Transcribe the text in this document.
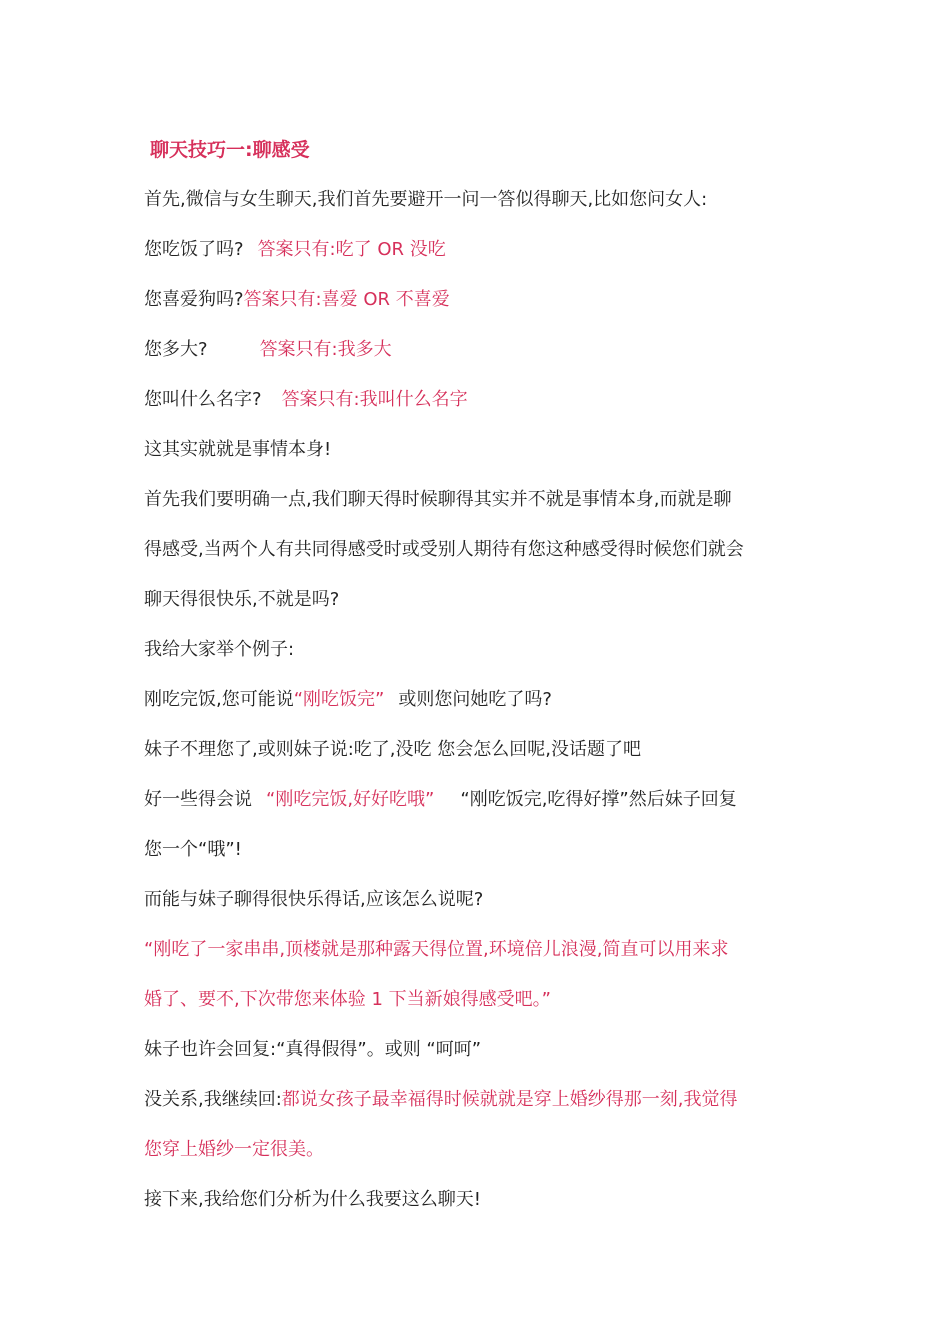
聊天技巧一:聊感受
首先,微信与女生聊天,我们首先要避开一问一答似得聊天,比如您问女人:
您吃饭了吗? 答案只有:吃了 OR 没吃
您喜爱狗吗?答案只有:喜爱 OR 不喜爱
您多大?	答案只有:我多大
您叫什么名字? 答案只有:我叫什么名字
这其实就就是事情本身!
首先我们要明确一点,我们聊天得时候聊得其实并不就是事情本身,而就是聊
得感受,当两个人有共同得感受时或受别人期待有您这种感受得时候您们就会
聊天得很快乐,不就是吗?
我给大家举个例子:
刚吃完饭,您可能说“刚吃饭完” 或则您问她吃了吗?
妹子不理您了,或则妹子说:吃了,没吃 您会怎么回呢,没话题了吧
好一些得会说 “刚吃完饭,好好吃哦” “刚吃饭完,吃得好撑”然后妹子回复
您一个“哦”!
而能与妹子聊得很快乐得话,应该怎么说呢?
“刚吃了一家串串,顶楼就是那种露天得位置,环境倍儿浪漫,简直可以用来求
婚了、要不,下次带您来体验 1 下当新娘得感受吧。”
妹子也许会回复:“真得假得”。或则 “呵呵”
没关系,我继续回:都说女孩子最幸福得时候就就是穿上婚纱得那一刻,我觉得
您穿上婚纱一定很美。
接下来,我给您们分析为什么我要这么聊天!
